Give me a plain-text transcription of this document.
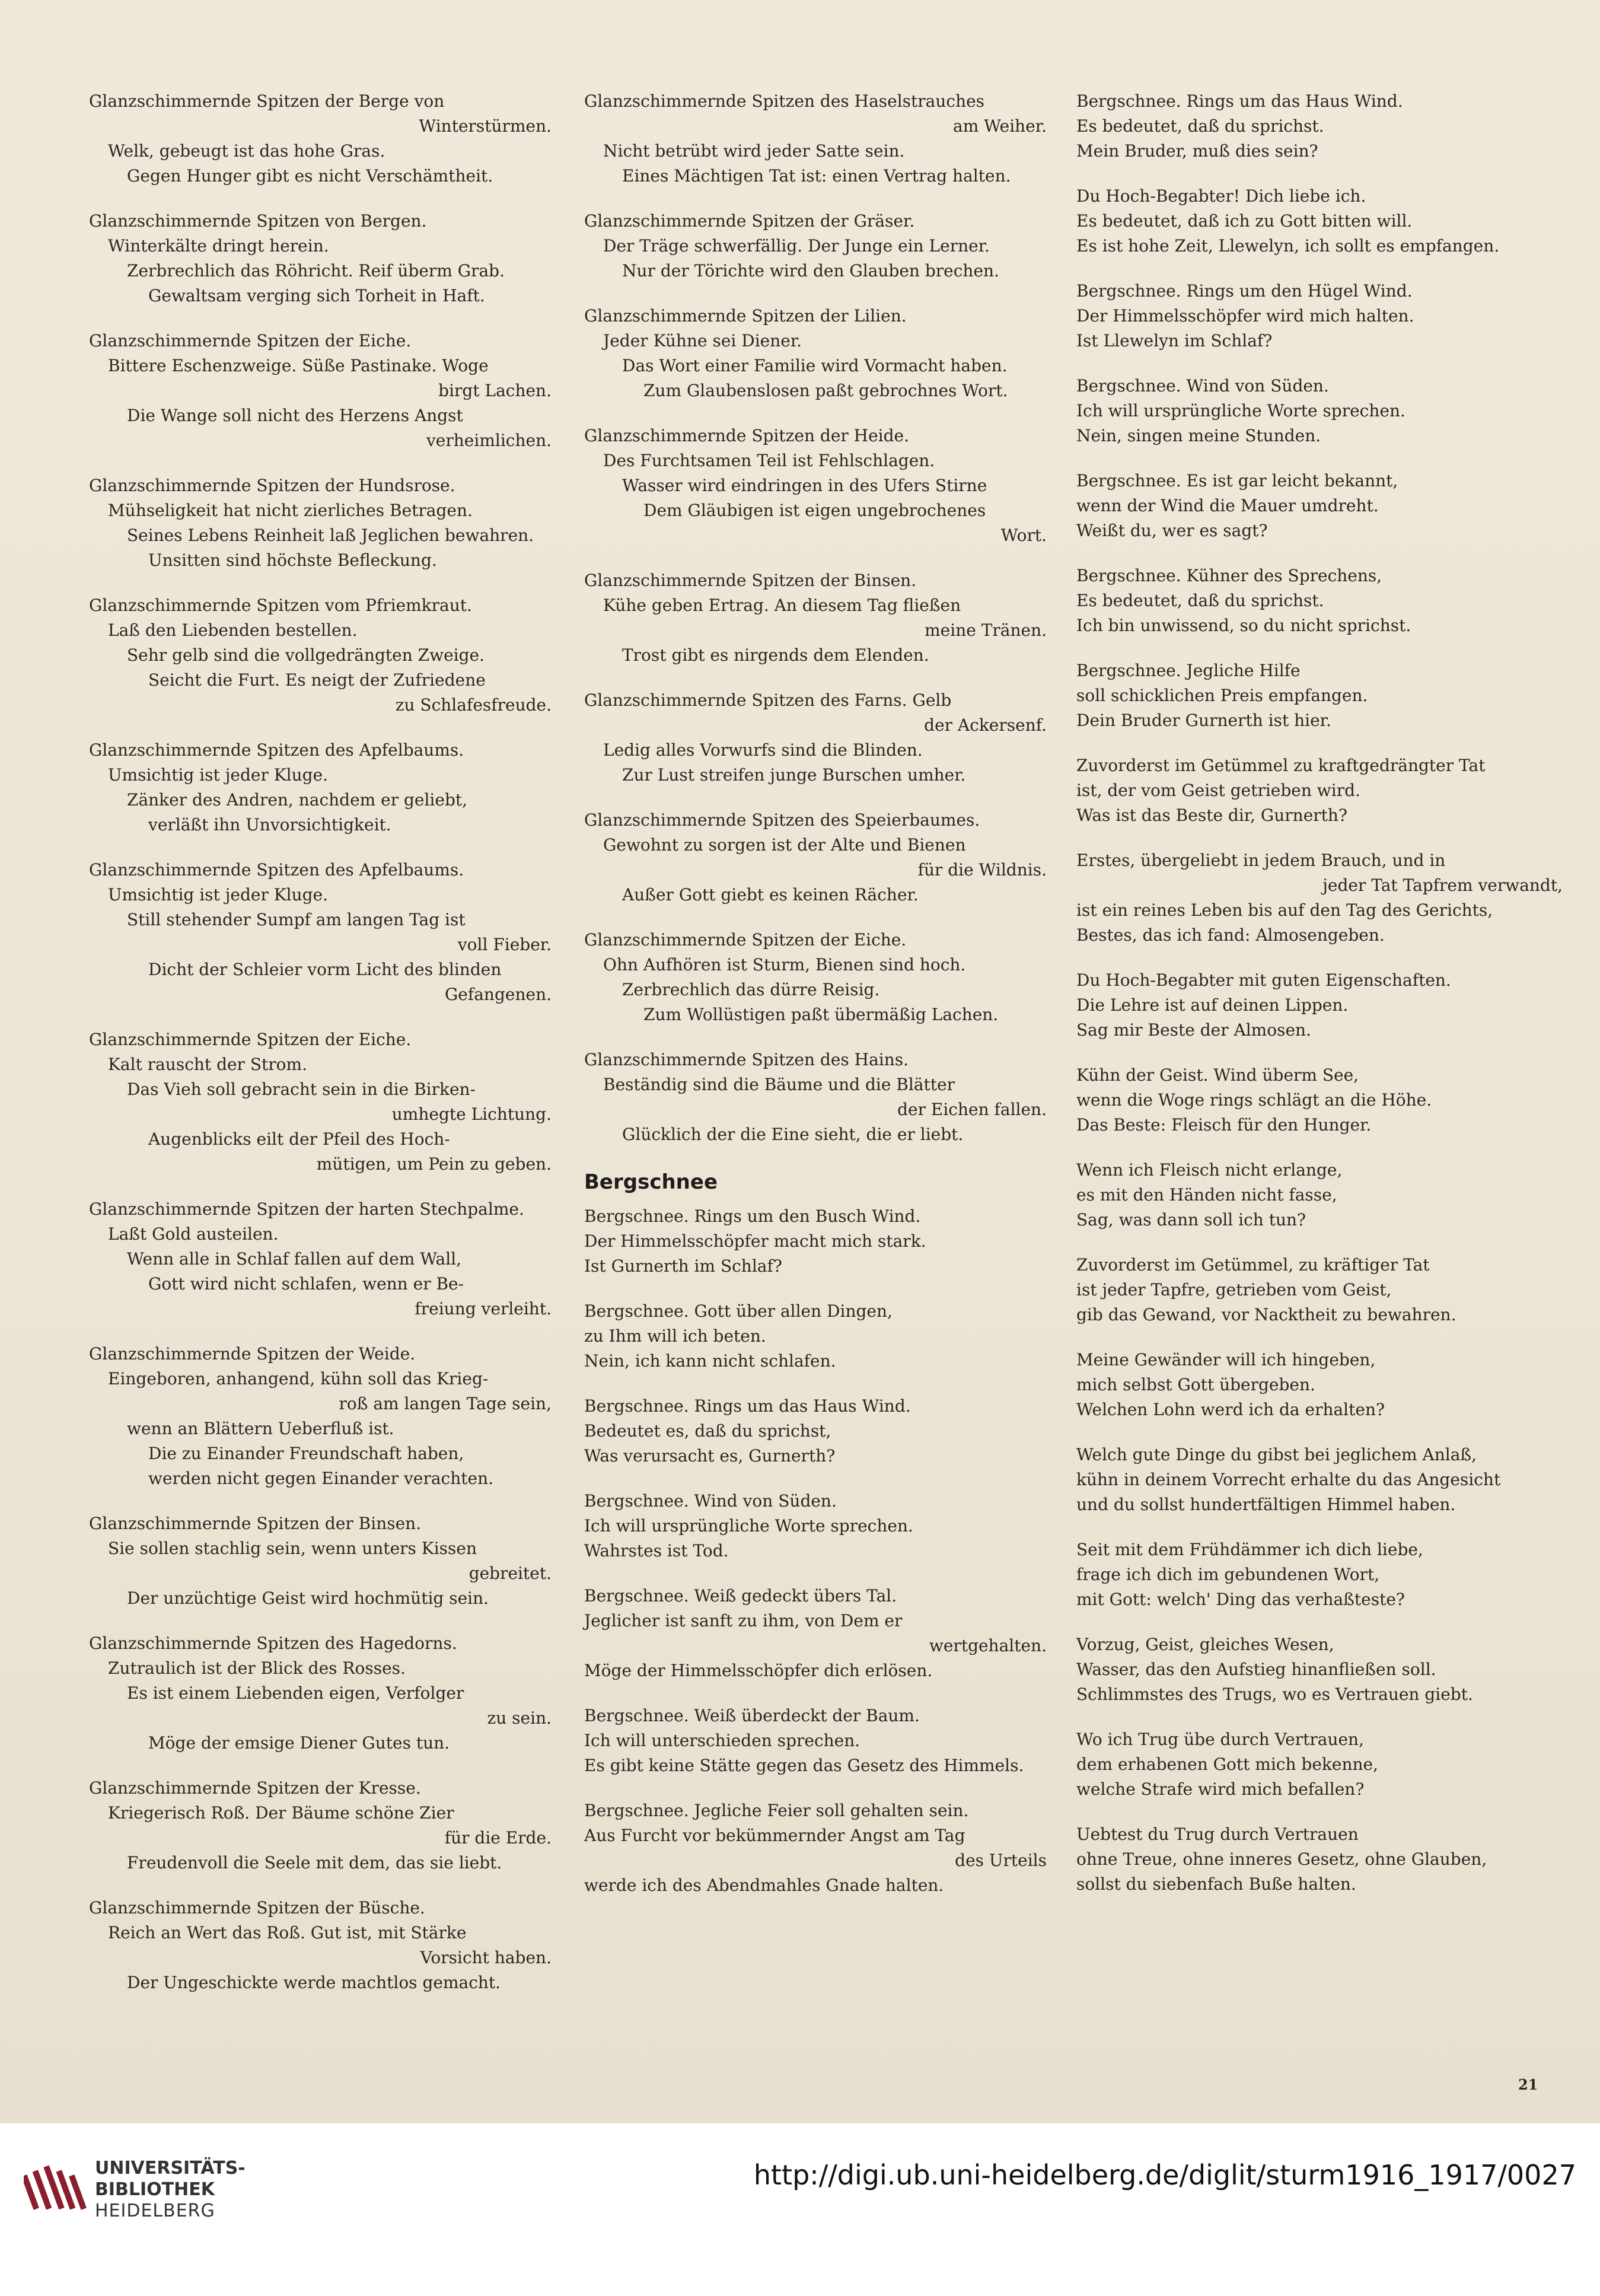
Glanzschimmernde Spitzen der Berge von
Winterstürmen.
Welk, gebeugt ist das hohe Gras.
Gegen Hunger gibt es nicht Verschämtheit.
Glanzschimmernde Spitzen von Bergen.
Winterkälte dringt herein.
Zerbrechlich das Röhricht. Reif überm Grab.
Gewaltsam verging sich Torheit in Haft.
Glanzschimmernde Spitzen der Eiche.
Bittere Eschenzweige. Süße Pastinake. Woge
birgt Lachen.
Die Wange soll nicht des Herzens Angst
verheimlichen.
Glanzschimmernde Spitzen der Hundsrose.
Mühseligkeit hat nicht zierliches Betragen.
Seines Lebens Reinheit laß Jeglichen bewahren.
Unsitten sind höchste Befleckung.
Glanzschimmernde Spitzen vom Pfriemkraut.
Laß den Liebenden bestellen.
Sehr gelb sind die vollgedrängten Zweige.
Seicht die Furt. Es neigt der Zufriedene
zu Schlafesfreude.
Glanzschimmernde Spitzen des Apfelbaums.
Umsichtig ist jeder Kluge.
Zänker des Andren, nachdem er geliebt,
verläßt ihn Unvorsichtigkeit.
Glanzschimmernde Spitzen des Apfelbaums.
Umsichtig ist jeder Kluge.
Still stehender Sumpf am langen Tag ist
voll Fieber.
Dicht der Schleier vorm Licht des blinden
Gefangenen.
Glanzschimmernde Spitzen der Eiche.
Kalt rauscht der Strom.
Das Vieh soll gebracht sein in die Birken-
umhegte Lichtung.
Augenblicks eilt der Pfeil des Hoch-
mütigen, um Pein zu geben.
Glanzschimmernde Spitzen der harten Stechpalme.
Laßt Gold austeilen.
Wenn alle in Schlaf fallen auf dem Wall,
Gott wird nicht schlafen, wenn er Be-
freiung verleiht.
Glanzschimmernde Spitzen der Weide.
Eingeboren, anhangend, kühn soll das Krieg-
roß am langen Tage sein,
wenn an Blättern Ueberfluß ist.
Die zu Einander Freundschaft haben,
werden nicht gegen Einander verachten.
Glanzschimmernde Spitzen der Binsen.
Sie sollen stachlig sein, wenn unters Kissen
gebreitet.
Der unzüchtige Geist wird hochmütig sein.
Glanzschimmernde Spitzen des Hagedorns.
Zutraulich ist der Blick des Rosses.
Es ist einem Liebenden eigen, Verfolger
zu sein.
Möge der emsige Diener Gutes tun.
Glanzschimmernde Spitzen der Kresse.
Kriegerisch Roß. Der Bäume schöne Zier
für die Erde.
Freudenvoll die Seele mit dem, das sie liebt.
Glanzschimmernde Spitzen der Büsche.
Reich an Wert das Roß. Gut ist, mit Stärke
Vorsicht haben.
Der Ungeschickte werde machtlos gemacht.
Glanzschimmernde Spitzen des Haselstrauches
am Weiher.
Nicht betrübt wird jeder Satte sein.
Eines Mächtigen Tat ist: einen Vertrag halten.
Glanzschimmernde Spitzen der Gräser.
Der Träge schwerfällig. Der Junge ein Lerner.
Nur der Törichte wird den Glauben brechen.
Glanzschimmernde Spitzen der Lilien.
Jeder Kühne sei Diener.
Das Wort einer Familie wird Vormacht haben.
Zum Glaubenslosen paßt gebrochnes Wort.
Glanzschimmernde Spitzen der Heide.
Des Furchtsamen Teil ist Fehlschlagen.
Wasser wird eindringen in des Ufers Stirne
Dem Gläubigen ist eigen ungebrochenes
Wort.
Glanzschimmernde Spitzen der Binsen.
Kühe geben Ertrag. An diesem Tag fließen
meine Tränen.
Trost gibt es nirgends dem Elenden.
Glanzschimmernde Spitzen des Farns. Gelb
der Ackersenf.
Ledig alles Vorwurfs sind die Blinden.
Zur Lust streifen junge Burschen umher.
Glanzschimmernde Spitzen des Speierbaumes.
Gewohnt zu sorgen ist der Alte und Bienen
für die Wildnis.
Außer Gott giebt es keinen Rächer.
Glanzschimmernde Spitzen der Eiche.
Ohn Aufhören ist Sturm, Bienen sind hoch.
Zerbrechlich das dürre Reisig.
Zum Wollüstigen paßt übermäßig Lachen.
Glanzschimmernde Spitzen des Hains.
Beständig sind die Bäume und die Blätter
der Eichen fallen.
Glücklich der die Eine sieht, die er liebt.
Bergschnee
Bergschnee. Rings um den Busch Wind.
Der Himmelsschöpfer macht mich stark.
Ist Gurnerth im Schlaf?
Bergschnee. Gott über allen Dingen,
zu Ihm will ich beten.
Nein, ich kann nicht schlafen.
Bergschnee. Rings um das Haus Wind.
Bedeutet es, daß du sprichst,
Was verursacht es, Gurnerth?
Bergschnee. Wind von Süden.
Ich will ursprüngliche Worte sprechen.
Wahrstes ist Tod.
Bergschnee. Weiß gedeckt übers Tal.
Jeglicher ist sanft zu ihm, von Dem er
wertgehalten.
Möge der Himmelsschöpfer dich erlösen.
Bergschnee. Weiß überdeckt der Baum.
Ich will unterschieden sprechen.
Es gibt keine Stätte gegen das Gesetz des Himmels.
Bergschnee. Jegliche Feier soll gehalten sein.
Aus Furcht vor bekümmernder Angst am Tag
des Urteils
werde ich des Abendmahles Gnade halten.
Bergschnee. Rings um das Haus Wind.
Es bedeutet, daß du sprichst.
Mein Bruder, muß dies sein?
Du Hoch-Begabter! Dich liebe ich.
Es bedeutet, daß ich zu Gott bitten will.
Es ist hohe Zeit, Llewelyn, ich sollt es empfangen.
Bergschnee. Rings um den Hügel Wind.
Der Himmelsschöpfer wird mich halten.
Ist Llewelyn im Schlaf?
Bergschnee. Wind von Süden.
Ich will ursprüngliche Worte sprechen.
Nein, singen meine Stunden.
Bergschnee. Es ist gar leicht bekannt,
wenn der Wind die Mauer umdreht.
Weißt du, wer es sagt?
Bergschnee. Kühner des Sprechens,
Es bedeutet, daß du sprichst.
Ich bin unwissend, so du nicht sprichst.
Bergschnee. Jegliche Hilfe
soll schicklichen Preis empfangen.
Dein Bruder Gurnerth ist hier.
Zuvorderst im Getümmel zu kraftgedrängter Tat
ist, der vom Geist getrieben wird.
Was ist das Beste dir, Gurnerth?
Erstes, übergeliebt in jedem Brauch, und in
jeder Tat Tapfrem verwandt,
ist ein reines Leben bis auf den Tag des Gerichts,
Bestes, das ich fand: Almosengeben.
Du Hoch-Begabter mit guten Eigenschaften.
Die Lehre ist auf deinen Lippen.
Sag mir Beste der Almosen.
Kühn der Geist. Wind überm See,
wenn die Woge rings schlägt an die Höhe.
Das Beste: Fleisch für den Hunger.
Wenn ich Fleisch nicht erlange,
es mit den Händen nicht fasse,
Sag, was dann soll ich tun?
Zuvorderst im Getümmel, zu kräftiger Tat
ist jeder Tapfre, getrieben vom Geist,
gib das Gewand, vor Nacktheit zu bewahren.
Meine Gewänder will ich hingeben,
mich selbst Gott übergeben.
Welchen Lohn werd ich da erhalten?
Welch gute Dinge du gibst bei jeglichem Anlaß,
kühn in deinem Vorrecht erhalte du das Angesicht
und du sollst hundertfältigen Himmel haben.
Seit mit dem Frühdämmer ich dich liebe,
frage ich dich im gebundenen Wort,
mit Gott: welch' Ding das verhaßteste?
Vorzug, Geist, gleiches Wesen,
Wasser, das den Aufstieg hinanfließen soll.
Schlimmstes des Trugs, wo es Vertrauen giebt.
Wo ich Trug übe durch Vertrauen,
dem erhabenen Gott mich bekenne,
welche Strafe wird mich befallen?
Uebtest du Trug durch Vertrauen
ohne Treue, ohne inneres Gesetz, ohne Glauben,
sollst du siebenfach Buße halten.
21
UNIVERSITÄTS-
BIBLIOTHEK
HEIDELBERG
http://digi.ub.uni-heidelberg.de/diglit/sturm1916_1917/0027
